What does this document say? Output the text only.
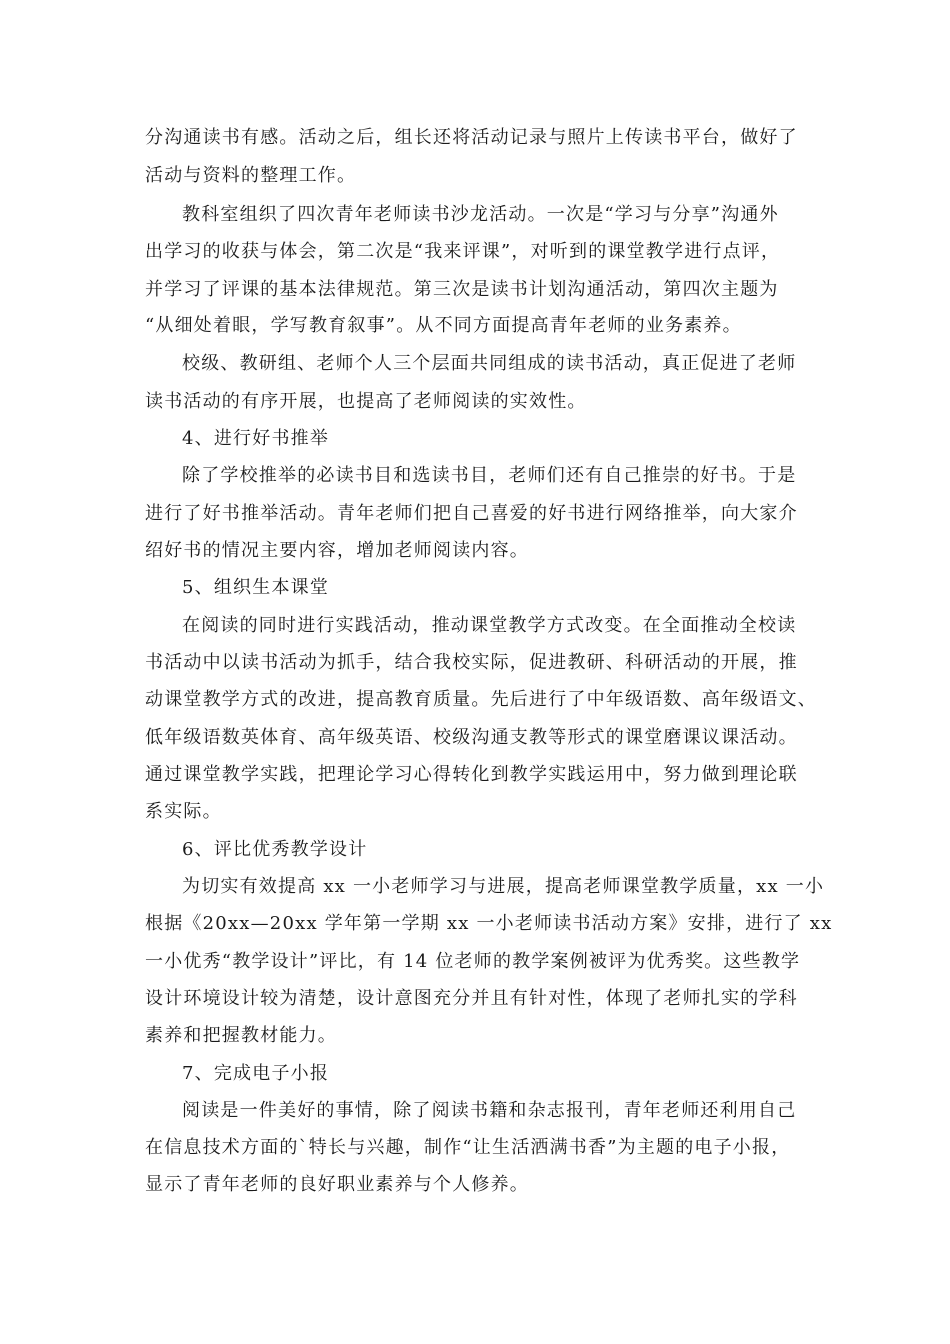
分沟通读书有感。活动之后，组长还将活动记录与照片上传读书平台，做好了
活动与资料的整理工作。
教科室组织了四次青年老师读书沙龙活动。一次是“学习与分享”沟通外
出学习的收获与体会，第二次是“我来评课”，对听到的课堂教学进行点评，
并学习了评课的基本法律规范。第三次是读书计划沟通活动，第四次主题为
“从细处着眼，学写教育叙事”。从不同方面提高青年老师的业务素养。
校级、教研组、老师个人三个层面共同组成的读书活动，真正促进了老师
读书活动的有序开展，也提高了老师阅读的实效性。
4、进行好书推举
除了学校推举的必读书目和选读书目，老师们还有自己推崇的好书。于是
进行了好书推举活动。青年老师们把自己喜爱的好书进行网络推举，向大家介
绍好书的情况主要内容，增加老师阅读内容。
5、组织生本课堂
在阅读的同时进行实践活动，推动课堂教学方式改变。在全面推动全校读
书活动中以读书活动为抓手，结合我校实际，促进教研、科研活动的开展，推
动课堂教学方式的改进，提高教育质量。先后进行了中年级语数、高年级语文、
低年级语数英体育、高年级英语、校级沟通支教等形式的课堂磨课议课活动。
通过课堂教学实践，把理论学习心得转化到教学实践运用中，努力做到理论联
系实际。
6、评比优秀教学设计
为切实有效提高 xx 一小老师学习与进展，提高老师课堂教学质量，xx 一小
根据《20xx—20xx 学年第一学期 xx 一小老师读书活动方案》安排，进行了 xx
一小优秀“教学设计”评比，有 14 位老师的教学案例被评为优秀奖。这些教学
设计环境设计较为清楚，设计意图充分并且有针对性，体现了老师扎实的学科
素养和把握教材能力。
7、完成电子小报
阅读是一件美好的事情，除了阅读书籍和杂志报刊，青年老师还利用自己
在信息技术方面的`特长与兴趣，制作“让生活洒满书香”为主题的电子小报，
显示了青年老师的良好职业素养与个人修养。
